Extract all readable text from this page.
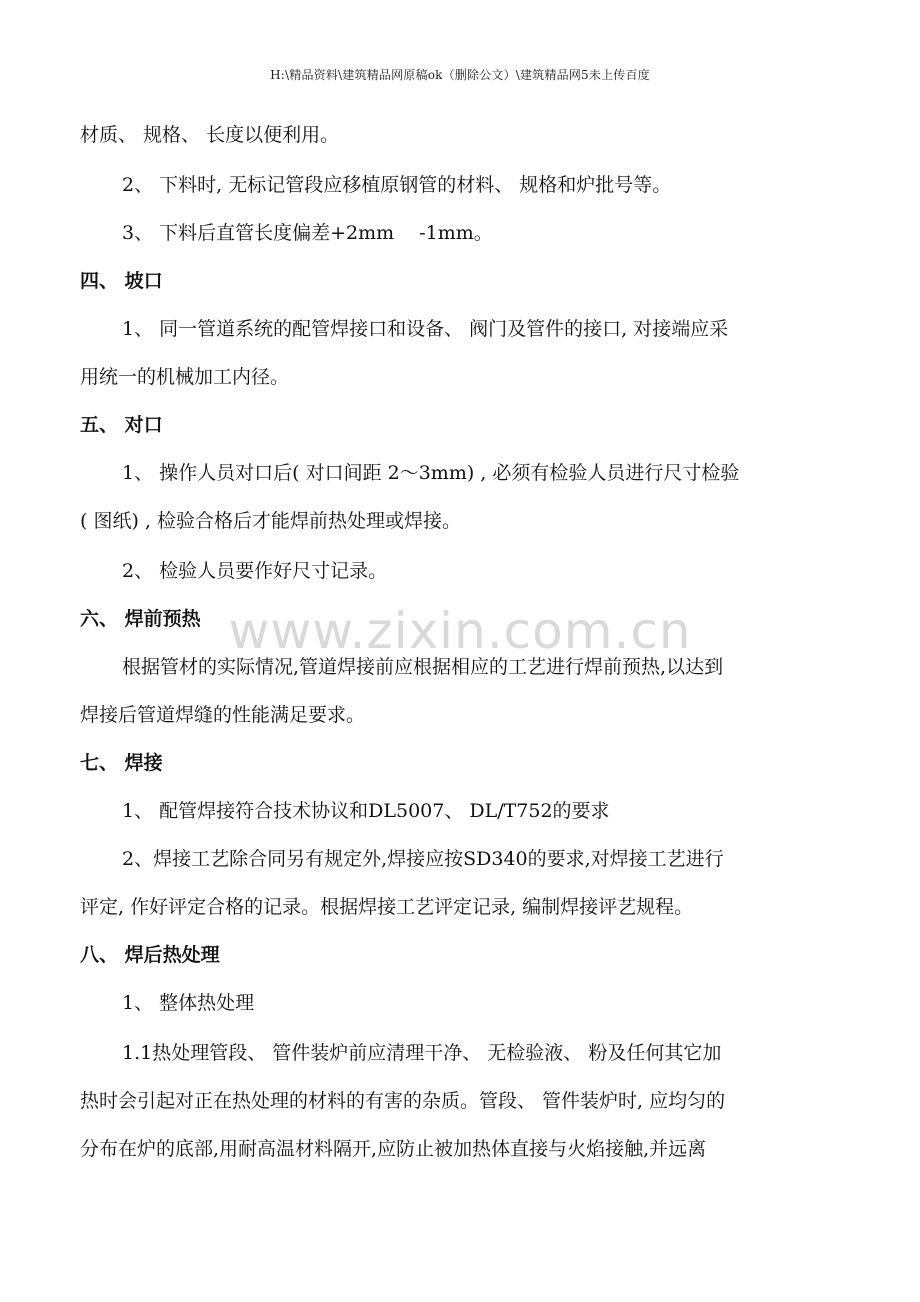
H:\精品资料\建筑精品网原稿ok（删除公文）\建筑精品网5未上传百度
www.zixin.com.cn
材质、 规格、 长度以便利用。
2、 下料时, 无标记管段应移植原钢管的材料、 规格和炉批号等。
3、 下料后直管长度偏差+2mm　 -1mm。
四、 坡口
1、 同一管道系统的配管焊接口和设备、 阀门及管件的接口, 对接端应采
用统一的机械加工内径。
五、 对口
1、 操作人员对口后( 对口间距 2～3mm) , 必须有检验人员进行尺寸检验
( 图纸) , 检验合格后才能焊前热处理或焊接。
2、 检验人员要作好尺寸记录。
六、 焊前预热
根据管材的实际情况,管道焊接前应根据相应的工艺进行焊前预热,以达到
焊接后管道焊缝的性能满足要求。
七、 焊接
1、 配管焊接符合技术协议和DL5007、 DL/T752的要求
2、焊接工艺除合同另有规定外,焊接应按SD340的要求,对焊接工艺进行
评定, 作好评定合格的记录。根据焊接工艺评定记录, 编制焊接评艺规程。
八、 焊后热处理
1、 整体热处理
1.1热处理管段、 管件装炉前应清理干净、 无检验液、 粉及任何其它加
热时会引起对正在热处理的材料的有害的杂质。管段、 管件装炉时, 应均匀的
分布在炉的底部,用耐高温材料隔开,应防止被加热体直接与火焰接触,并远离
